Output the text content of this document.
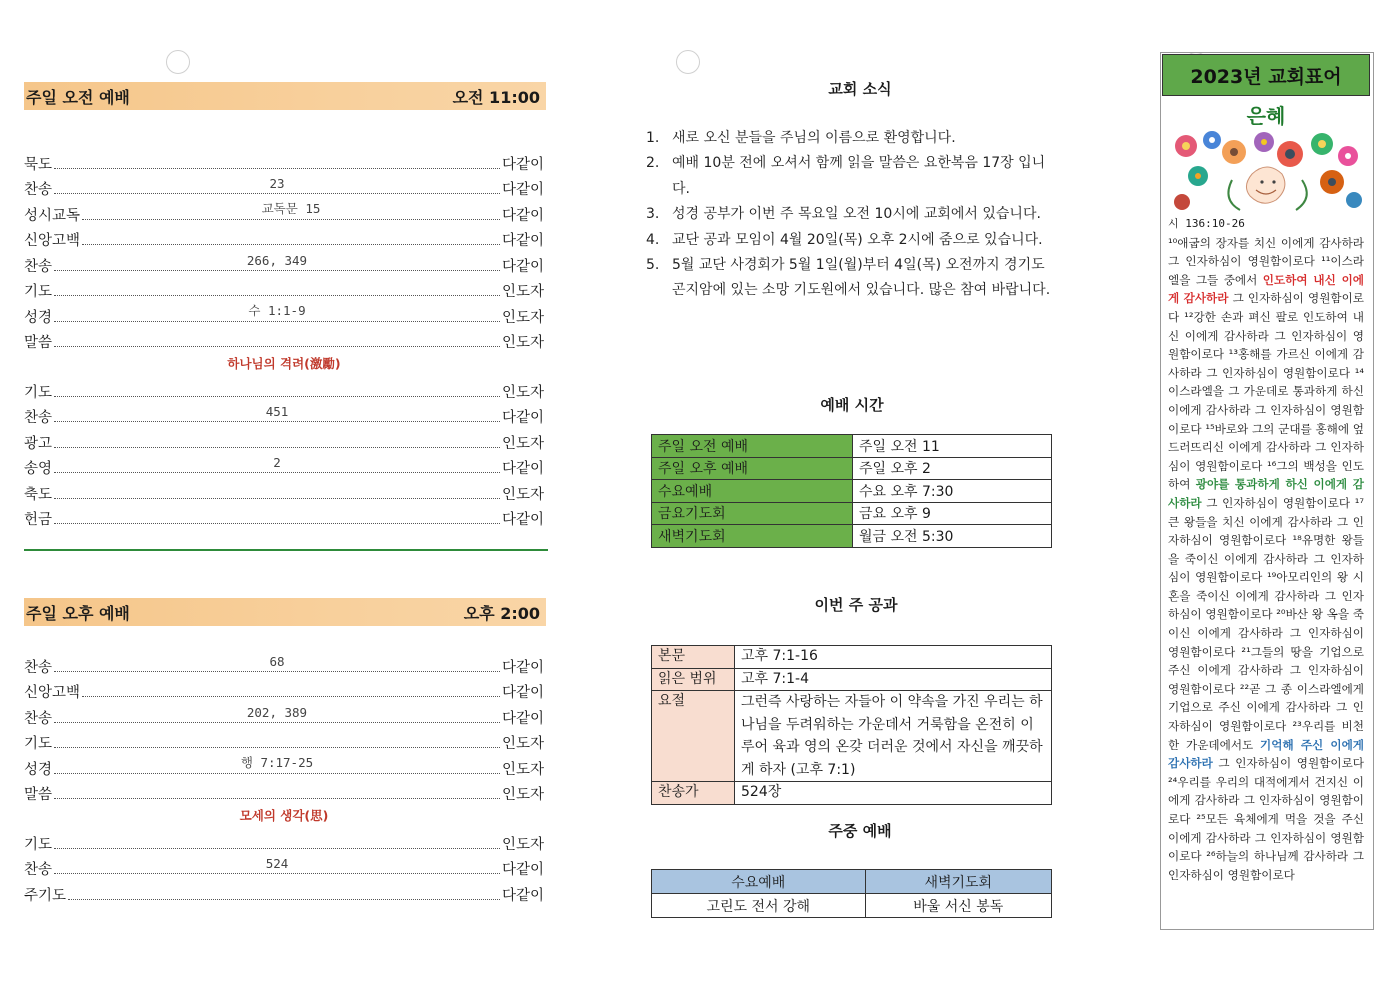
주일 오전 예배	오전 11:00
묵도	다같이
찬송	23	다같이
성시교독	교독문 15	다같이
신앙고백	다같이
찬송	266, 349	다같이
기도	인도자
성경	수 1:1-9	인도자
말씀	인도자
하나님의 격려(激勵)
기도	인도자
찬송	451	다같이
광고	인도자
송영	2	다같이
축도	인도자
헌금	다같이
주일 오후 예배	오후 2:00
찬송	68	다같이
신앙고백	다같이
찬송	202, 389	다같이
기도	인도자
성경	행 7:17-25	인도자
말씀	인도자
모세의 생각(思)
기도	인도자
찬송	524	다같이
주기도	다같이
교회 소식
1. 새로 오신 분들을 주님의 이름으로 환영합니다.
2. 예배 10분 전에 오셔서 함께 읽을 말씀은 요한복음 17장 입니다.
3. 성경 공부가 이번 주 목요일 오전 10시에 교회에서 있습니다.
4. 교단 공과 모임이 4월 20일(목) 오후 2시에 줌으로 있습니다.
5. 5월 교단 사경회가 5월 1일(월)부터 4일(목) 오전까지 경기도 곤지암에 있는 소망 기도원에서 있습니다. 많은 참여 바랍니다.
예배 시간
주일 오전 예배	주일 오전 11
주일 오후 예배	주일 오후 2
수요예배	수요 오후 7:30
금요기도회	금요 오후 9
새벽기도회	월금 오전 5:30
이번 주 공과
본문	고후 7:1-16
읽은 범위	고후 7:1-4
요절	그런즉 사랑하는 자들아 이 약속을 가진 우리는 하나님을 두려워하는 가운데서 거룩함을 온전히 이루어 육과 영의 온갖 더러운 것에서 자신을 깨끗하게 하자 (고후 7:1)
찬송가	524장
주중 예배
수요예배	새벽기도회
고린도 전서 강해	바울 서신 봉독
2023년 교회표어
은혜
시 136:10-26
¹⁰애굽의 장자를 치신 이에게 감사하라 그 인자하심이 영원함이로다 ¹¹이스라엘을 그들 중에서 인도하여 내신 이에게 감사하라 그 인자하심이 영원함이로다 ¹²강한 손과 펴신 팔로 인도하여 내신 이에게 감사하라 그 인자하심이 영원함이로다 ¹³홍해를 가르신 이에게 감사하라 그 인자하심이 영원함이로다 ¹⁴이스라엘을 그 가운데로 통과하게 하신 이에게 감사하라 그 인자하심이 영원함이로다 ¹⁵바로와 그의 군대를 홍해에 엎드러뜨리신 이에게 감사하라 그 인자하심이 영원함이로다 ¹⁶그의 백성을 인도하여 광야를 통과하게 하신 이에게 감사하라 그 인자하심이 영원함이로다 ¹⁷큰 왕들을 치신 이에게 감사하라 그 인자하심이 영원함이로다 ¹⁸유명한 왕들을 죽이신 이에게 감사하라 그 인자하심이 영원함이로다 ¹⁹아모리인의 왕 시혼을 죽이신 이에게 감사하라 그 인자하심이 영원함이로다 ²⁰바산 왕 옥을 죽이신 이에게 감사하라 그 인자하심이 영원함이로다 ²¹그들의 땅을 기업으로 주신 이에게 감사하라 그 인자하심이 영원함이로다 ²²곧 그 종 이스라엘에게 기업으로 주신 이에게 감사하라 그 인자하심이 영원함이로다 ²³우리를 비천한 가운데에서도 기억해 주신 이에게 감사하라 그 인자하심이 영원함이로다 ²⁴우리를 우리의 대적에게서 건지신 이에게 감사하라 그 인자하심이 영원함이로다 ²⁵모든 육체에게 먹을 것을 주신 이에게 감사하라 그 인자하심이 영원함이로다 ²⁶하늘의 하나님께 감사하라 그 인자하심이 영원함이로다
